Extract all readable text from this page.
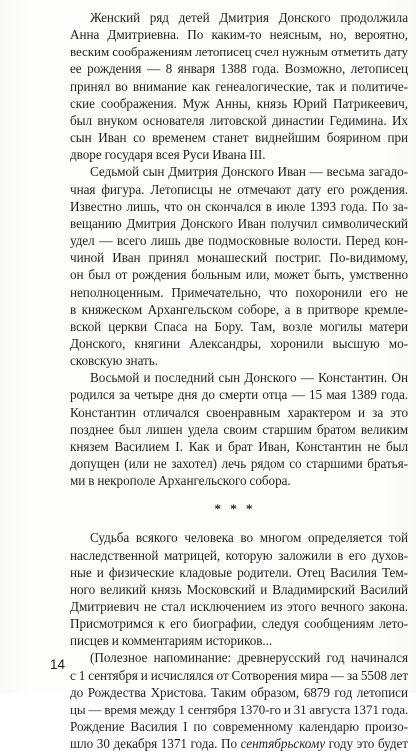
Женский ряд детей Дмитрия Донского продолжила
Анна Дмитриевна. По каким-то неясным, но, вероятно,
веским соображениям летописец счел нужным отметить дату
ее рождения — 8 января 1388 года. Возможно, летописец
принял во внимание как генеалогические, так и политиче-
ские соображения. Муж Анны, князь Юрий Патрикеевич,
был внуком основателя литовской династии Гедимина. Их
сын Иван со временем станет виднейшим боярином при
дворе государя всея Руси Ивана III.

Седьмой сын Дмитрия Донского Иван — весьма загадо-
чная фигура. Летописцы не отмечают дату его рождения.
Известно лишь, что он скончался в июле 1393 года. По за-
вещанию Дмитрия Донского Иван получил символический
удел — всего лишь две подмосковные волости. Перед кон-
чиной Иван принял монашеский постриг. По-видимому,
он был от рождения больным или, может быть, умственно
неполноценным. Примечательно, что похоронили его не
в княжеском Архангельском соборе, а в притворе кремле-
вской церкви Спаса на Бору. Там, возле могилы матери
Донского, княгини Александры, хоронили высшую мо-
сковскую знать.

Восьмой и последний сын Донского — Константин. Он
родился за четыре дня до смерти отца — 15 мая 1389 года.
Константин отличался своенравным характером и за это
позднее был лишен удела своим старшим братом великим
князем Василием I. Как и брат Иван, Константин не был
допущен (или не захотел) лечь рядом со старшими братья-
ми в некрополе Архангельского собора.

* * *

Судьба всякого человека во многом определяется той
наследственной матрицей, которую заложили в его духов-
ные и физические кладовые родители. Отец Василия Тем-
ного великий князь Московский и Владимирский Василий
Дмитриевич не стал исключением из этого вечного закона.
Присмотримся к его биографии, следуя сообщениям лето-
писцев и комментариям историков...

(Полезное напоминание: древнерусский год начинался
с 1 сентября и исчислялся от Сотворения мира — за 5508 лет
до Рождества Христова. Таким образом, 6879 год летописи
цы — время между 1 сентября 1370-го и 31 августа 1371 года.
Рождение Василия I по современному календарю произо-
шло 30 декабря 1371 года. По сентябрьскому году это будет

14
